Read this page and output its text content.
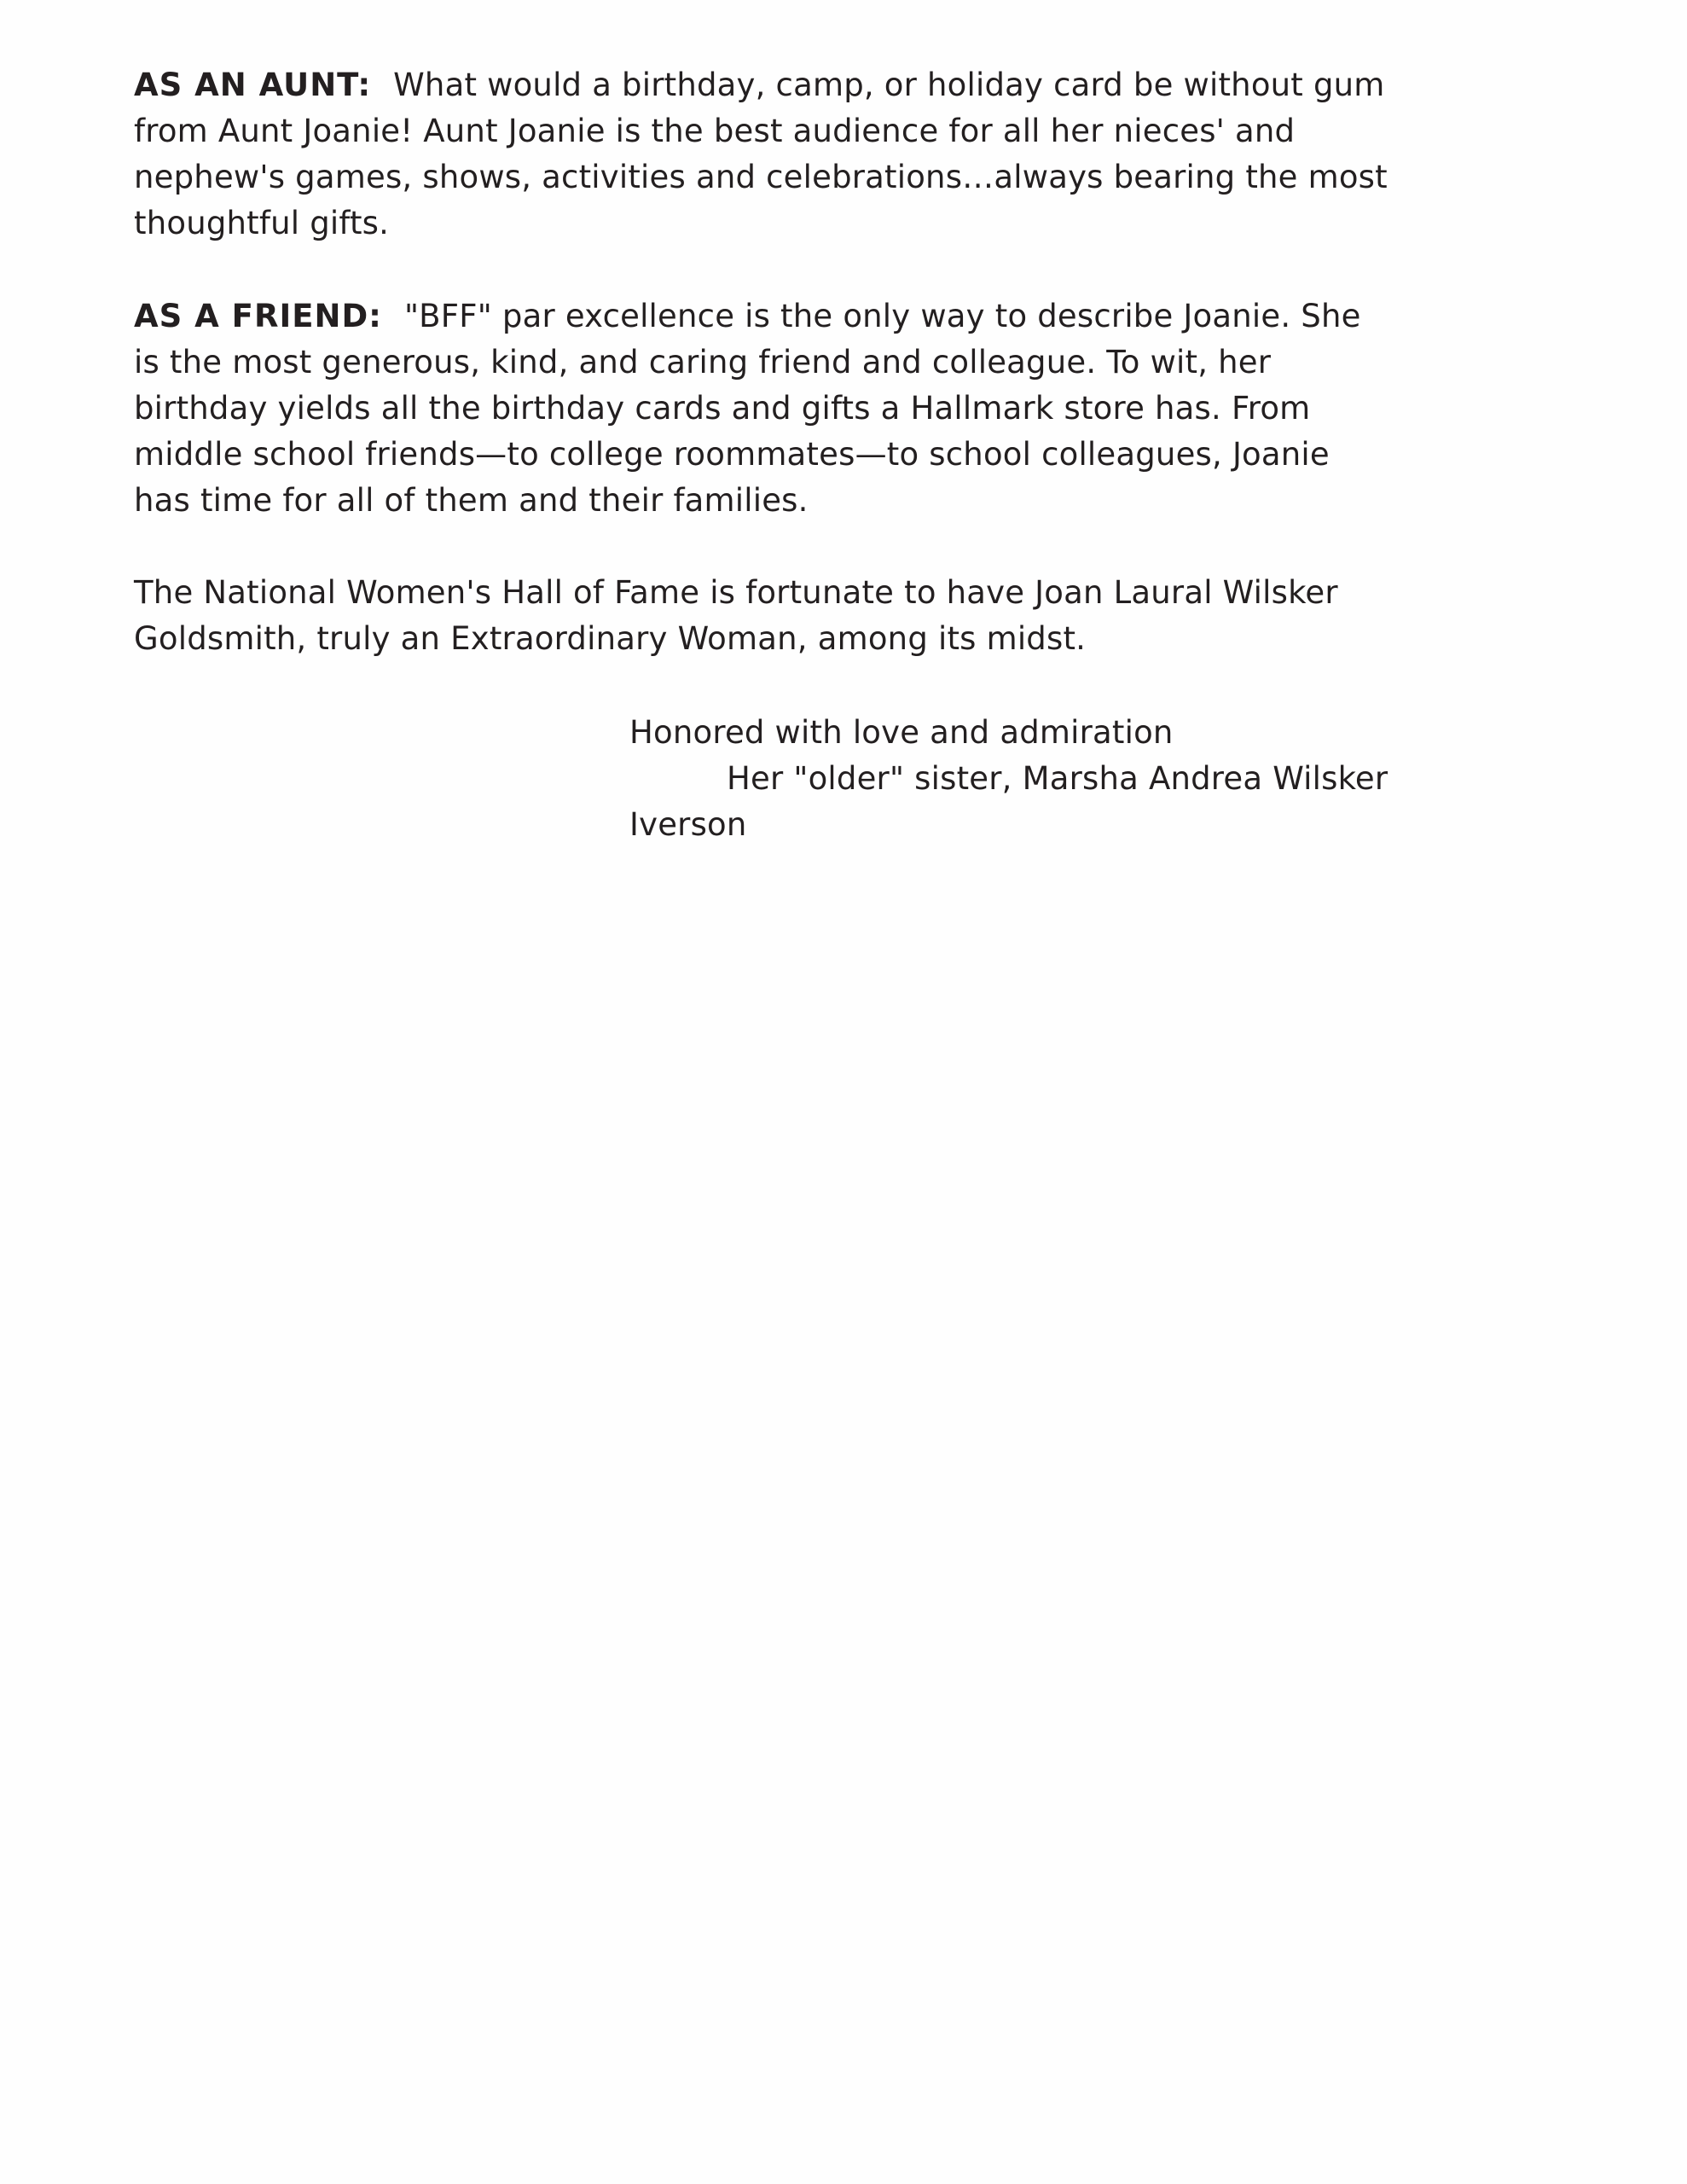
AS AN AUNT: What would a birthday, camp, or holiday card be without gum from Aunt Joanie! Aunt Joanie is the best audience for all her nieces' and nephew's games, shows, activities and celebrations…always bearing the most thoughtful gifts.

AS A FRIEND: "BFF" par excellence is the only way to describe Joanie. She is the most generous, kind, and caring friend and colleague. To wit, her birthday yields all the birthday cards and gifts a Hallmark store has. From middle school friends—to college roommates—to school colleagues, Joanie has time for all of them and their families.

The National Women's Hall of Fame is fortunate to have Joan Laural Wilsker Goldsmith, truly an Extraordinary Woman, among its midst.

Honored with love and admiration
Her "older" sister, Marsha Andrea Wilsker
Iverson
